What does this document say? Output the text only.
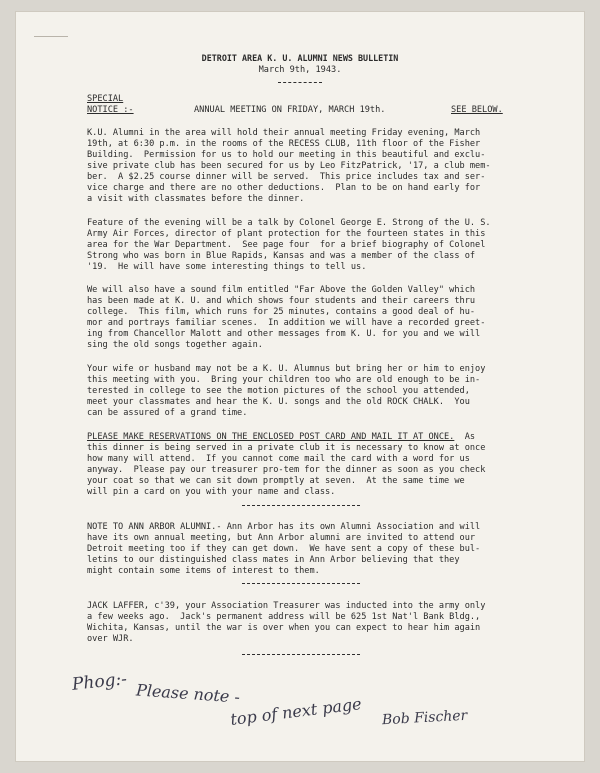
DETROIT AREA K. U. ALUMNI NEWS BULLETIN
March 9th, 1943.
SPECIAL
NOTICE :-	ANNUAL MEETING ON FRIDAY, MARCH 19th.	SEE BELOW.
K.U. Alumni in the area will hold their annual meeting Friday evening, March
19th, at 6:30 p.m. in the rooms of the RECESS CLUB, 11th floor of the Fisher
Building.  Permission for us to hold our meeting in this beautiful and exclu-
sive private club has been secured for us by Leo FitzPatrick, '17, a club mem-
ber.  A $2.25 course dinner will be served.  This price includes tax and ser-
vice charge and there are no other deductions.  Plan to be on hand early for
a visit with classmates before the dinner.
Feature of the evening will be a talk by Colonel George E. Strong of the U. S.
Army Air Forces, director of plant protection for the fourteen states in this
area for the War Department.  See page four  for a brief biography of Colonel
Strong who was born in Blue Rapids, Kansas and was a member of the class of
'19.  He will have some interesting things to tell us.
We will also have a sound film entitled "Far Above the Golden Valley" which
has been made at K. U. and which shows four students and their careers thru
college.  This film, which runs for 25 minutes, contains a good deal of hu-
mor and portrays familiar scenes.  In addition we will have a recorded greet-
ing from Chancellor Malott and other messages from K. U. for you and we will
sing the old songs together again.
Your wife or husband may not be a K. U. Alumnus but bring her or him to enjoy
this meeting with you.  Bring your children too who are old enough to be in-
terested in college to see the motion pictures of the school you attended,
meet your classmates and hear the K. U. songs and the old ROCK CHALK.  You
can be assured of a grand time.
PLEASE MAKE RESERVATIONS ON THE ENCLOSED POST CARD AND MAIL IT AT ONCE.  As
this dinner is being served in a private club it is necessary to know at once
how many will attend.  If you cannot come mail the card with a word for us
anyway.  Please pay our treasurer pro-tem for the dinner as soon as you check
your coat so that we can sit down promptly at seven.  At the same time we
will pin a card on you with your name and class.
NOTE TO ANN ARBOR ALUMNI.- Ann Arbor has its own Alumni Association and will
have its own annual meeting, but Ann Arbor alumni are invited to attend our
Detroit meeting too if they can get down.  We have sent a copy of these bul-
letins to our distinguished class mates in Ann Arbor believing that they
might contain some items of interest to them.
JACK LAFFER, c'39, your Association Treasurer was inducted into the army only
a few weeks ago.  Jack's permanent address will be 625 1st Nat'l Bank Bldg.,
Wichita, Kansas, until the war is over when you can expect to hear him again
over WJR.
Phog:- Please note -
top of next page Bob Fischer
